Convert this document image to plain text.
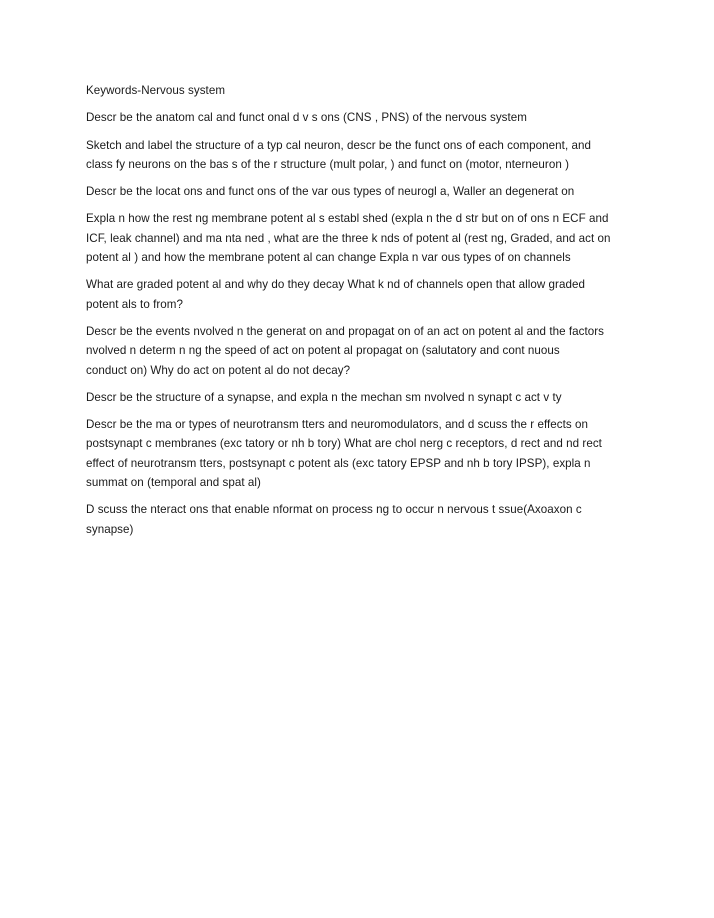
Keywords-Nervous system

Descr be the anatom cal and funct onal d v s ons (CNS , PNS) of the nervous system

Sketch and label the structure of a typ cal neuron, descr be the funct ons of each component, and
class fy neurons on the bas s of the r structure (mult polar, ) and funct on (motor, nterneuron )

Descr be the locat ons and funct ons of the var ous types of neurogl a, Waller an degenerat on

Expla n how the rest ng membrane potent al s establ shed (expla n the d str but on of ons n ECF and
ICF, leak channel) and ma nta ned , what are the three k nds of potent al (rest ng, Graded, and act on
potent al ) and how the membrane potent al can change Expla n var ous types of on channels

What are graded potent al and why do they decay What k nd of channels open that allow graded
potent als to from?

Descr be the events nvolved n the generat on and propagat on of an act on potent al and the factors
nvolved n determ n ng the speed of act on potent al propagat on (salutatory and cont nuous
conduct on) Why do act on potent al do not decay?

Descr be the structure of a synapse, and expla n the mechan sm nvolved n synapt c act v ty

Descr be the ma or types of neurotransm tters and neuromodulators, and d scuss the r effects on
postsynapt c membranes (exc tatory or nh b tory) What are chol nerg c receptors, d rect and nd rect
effect of neurotransm tters, postsynapt c potent als (exc tatory EPSP and nh b tory IPSP), expla n
summat on (temporal and spat al)

D scuss the nteract ons that enable nformat on process ng to occur n nervous t ssue(Axoaxon c
synapse)
